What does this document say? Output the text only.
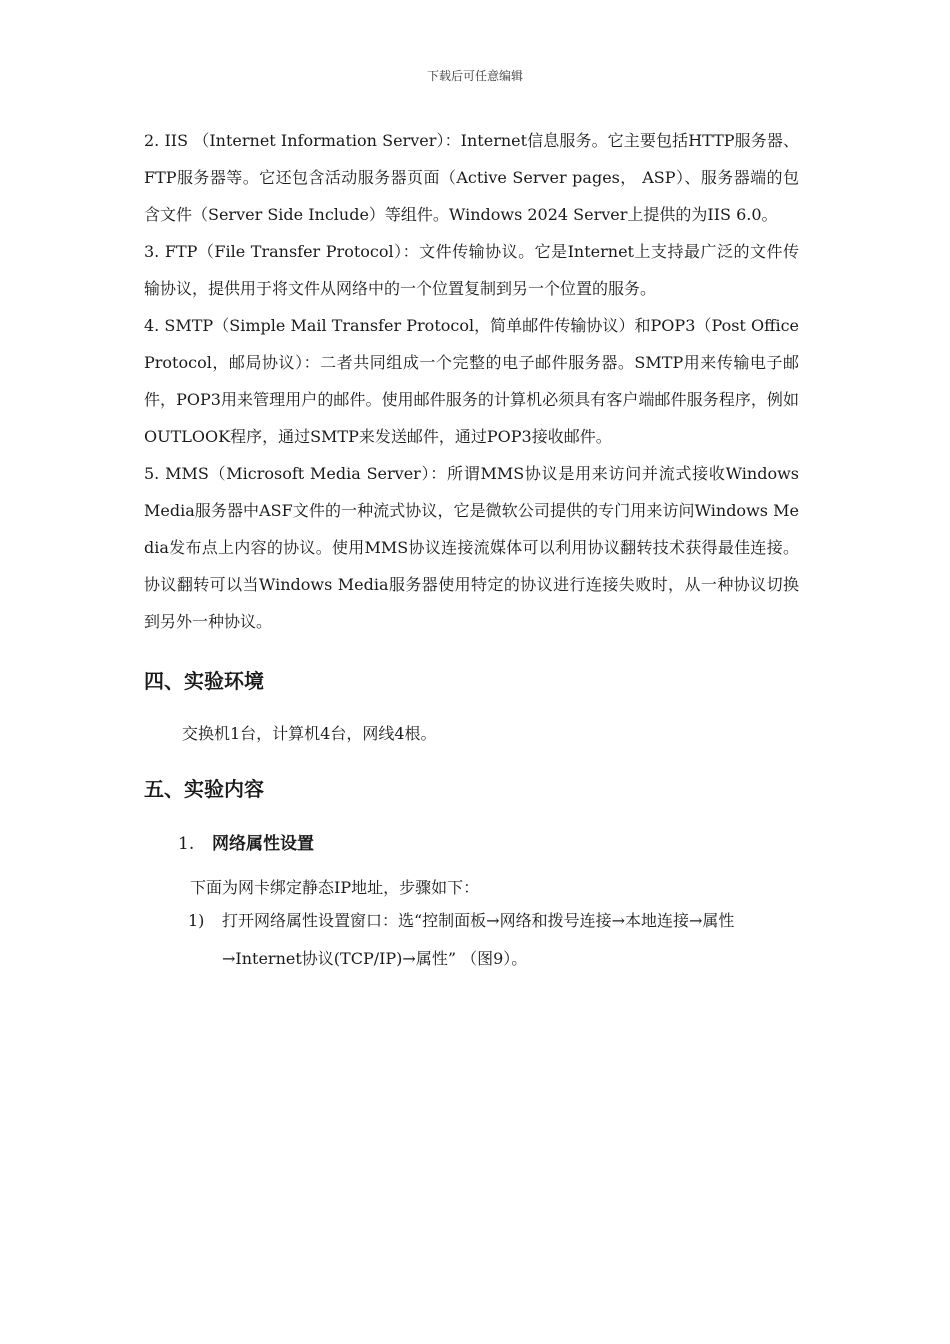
下载后可任意编辑

2. IIS （Internet Information Server）：Internet信息服务。它主要包括HTTP服务器、FTP服务器等。它还包含活动服务器页面（Active Server pages， ASP）、服务器端的包含文件（Server Side Include）等组件。Windows 2024 Server上提供的为IIS 6.0。

3. FTP（File Transfer Protocol）：文件传输协议。它是Internet上支持最广泛的文件传输协议，提供用于将文件从网络中的一个位置复制到另一个位置的服务。

4. SMTP（Simple Mail Transfer Protocol，简单邮件传输协议）和POP3（Post Office Protocol，邮局协议）：二者共同组成一个完整的电子邮件服务器。SMTP用来传输电子邮件，POP3用来管理用户的邮件。使用邮件服务的计算机必须具有客户端邮件服务程序，例如OUTLOOK程序，通过SMTP来发送邮件，通过POP3接收邮件。

5. MMS（Microsoft Media Server）：所谓MMS协议是用来访问并流式接收Windows Media服务器中ASF文件的一种流式协议，它是微软公司提供的专门用来访问Windows Media发布点上内容的协议。使用MMS协议连接流媒体可以利用协议翻转技术获得最佳连接。协议翻转可以当Windows Media服务器使用特定的协议进行连接失败时，从一种协议切换到另外一种协议。

四、实验环境
交换机1台，计算机4台，网线4根。
五、实验内容
1. 网络属性设置
下面为网卡绑定静态IP地址，步骤如下：
1) 打开网络属性设置窗口：选“控制面板→网络和拨号连接→本地连接→属性→Internet协议(TCP/IP)→属性” （图9）。
